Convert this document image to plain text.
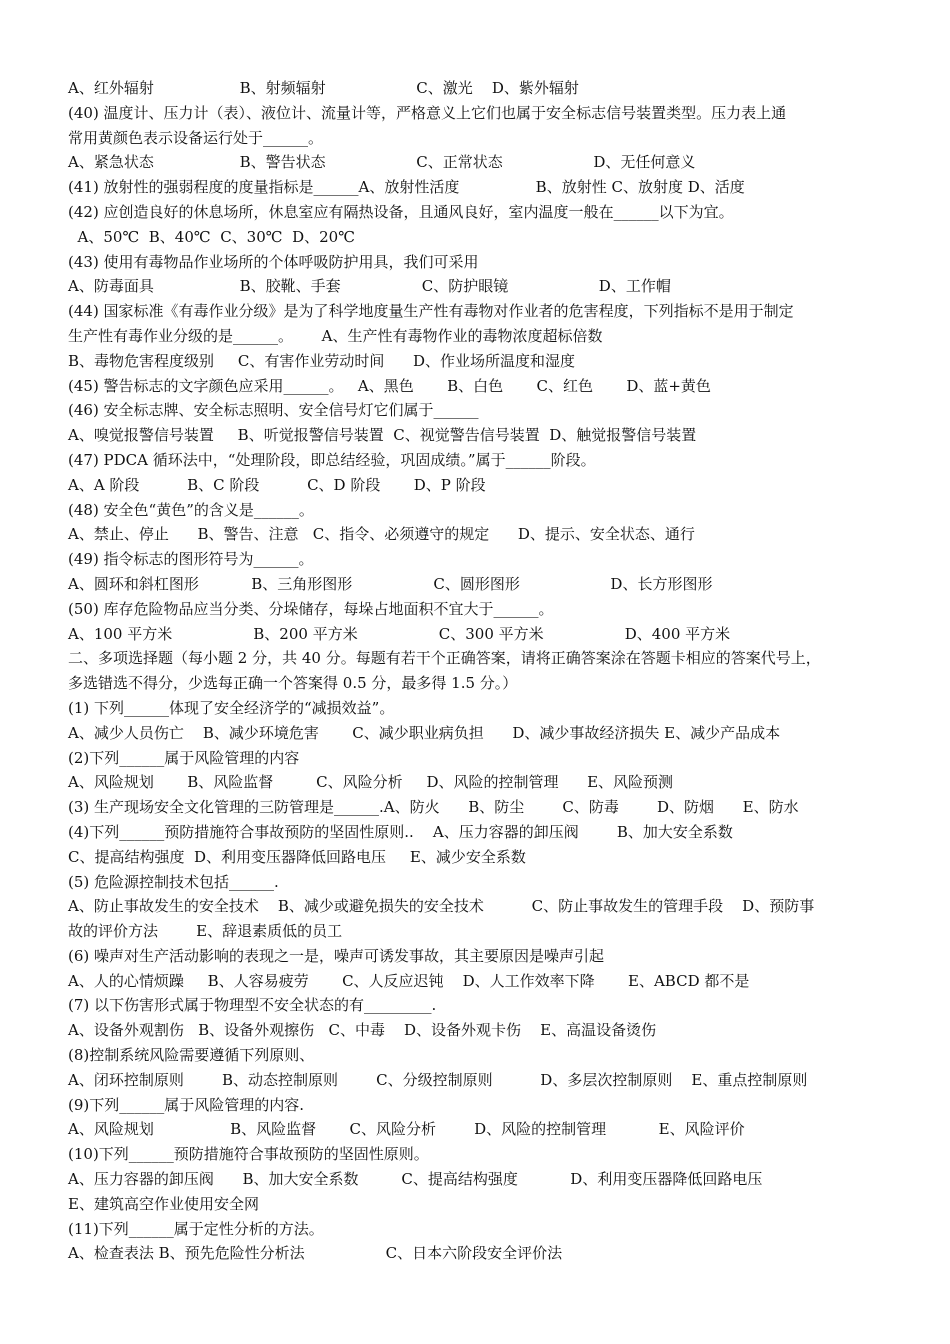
A、红外辐射                  B、射频辐射                   C、激光    D、紫外辐射
(40) 温度计、压力计（表）、液位计、流量计等，严格意义上它们也属于安全标志信号装置类型。压力表上通
常用黄颜色表示设备运行处于______。
A、紧急状态                  B、警告状态                   C、正常状态                   D、无任何意义
(41) 放射性的强弱程度的度量指标是______A、放射性活度                B、放射性 C、放射度 D、活度
(42) 应创造良好的休息场所，休息室应有隔热设备，且通风良好，室内温度一般在______以下为宜。
A、50℃  B、40℃  C、30℃  D、20℃
(43) 使用有毒物品作业场所的个体呼吸防护用具，我们可采用
A、防毒面具                  B、胶靴、手套                 C、防护眼镜                   D、工作帽
(44) 国家标准《有毒作业分级》是为了科学地度量生产性有毒物对作业者的危害程度，下列指标不是用于制定
生产性有毒作业分级的是______。      A、生产性有毒物作业的毒物浓度超标倍数
B、毒物危害程度级别     C、有害作业劳动时间      D、作业场所温度和湿度
(45) 警告标志的文字颜色应采用______。   A、黑色       B、白色       C、红色       D、蓝+黄色
(46) 安全标志牌、安全标志照明、安全信号灯它们属于______
A、嗅觉报警信号装置     B、听觉报警信号装置  C、视觉警告信号装置  D、触觉报警信号装置
(47) PDCA 循环法中，“处理阶段，即总结经验，巩固成绩。”属于______阶段。
A、A 阶段          B、C 阶段          C、D 阶段       D、P 阶段
(48) 安全色“黄色”的含义是______。
A、禁止、停止      B、警告、注意   C、指令、必须遵守的规定      D、提示、安全状态、通行
(49) 指令标志的图形符号为______。
A、圆环和斜杠图形           B、三角形图形                 C、圆形图形                   D、长方形图形
(50) 库存危险物品应当分类、分垛储存，每垛占地面积不宜大于______。
A、100 平方米                 B、200 平方米                 C、300 平方米                 D、400 平方米
二、多项选择题（每小题 2 分，共 40 分。每题有若干个正确答案，请将正确答案涂在答题卡相应的答案代号上，
多选错选不得分，少选每正确一个答案得 0.5 分，最多得 1.5 分。）
(1) 下列______体现了安全经济学的“减损效益”。
A、减少人员伤亡    B、减少环境危害       C、减少职业病负担      D、减少事故经济损失 E、减少产品成本
(2)下列______属于风险管理的内容
A、风险规划       B、风险监督         C、风险分析     D、风险的控制管理      E、风险预测
(3) 生产现场安全文化管理的三防管理是______.A、防火      B、防尘        C、防毒        D、防烟      E、防水
(4)下列______预防措施符合事故预防的坚固性原则..    A、压力容器的卸压阀        B、加大安全系数
C、提高结构强度  D、利用变压器降低回路电压     E、减少安全系数
(5) 危险源控制技术包括______.
A、防止事故发生的安全技术    B、减少或避免损失的安全技术          C、防止事故发生的管理手段    D、预防事
故的评价方法        E、辞退素质低的员工
(6) 噪声对生产活动影响的表现之一是，噪声可诱发事故，其主要原因是噪声引起
A、人的心情烦躁     B、人容易疲劳       C、人反应迟钝    D、人工作效率下降       E、ABCD 都不是
(7) 以下伤害形式属于物理型不安全状态的有_________.
A、设备外观割伤   B、设备外观擦伤   C、中毒    D、设备外观卡伤    E、高温设备烫伤
(8)控制系统风险需要遵循下列原则、
A、闭环控制原则        B、动态控制原则        C、分级控制原则          D、多层次控制原则    E、重点控制原则
(9)下列______属于风险管理的内容.
A、风险规划                B、风险监督       C、风险分析        D、风险的控制管理           E、风险评价
(10)下列______预防措施符合事故预防的坚固性原则。
A、压力容器的卸压阀      B、加大安全系数         C、提高结构强度           D、利用变压器降低回路电压
E、建筑高空作业使用安全网
(11)下列______属于定性分析的方法。
A、检查表法 B、预先危险性分析法                 C、日本六阶段安全评价法
